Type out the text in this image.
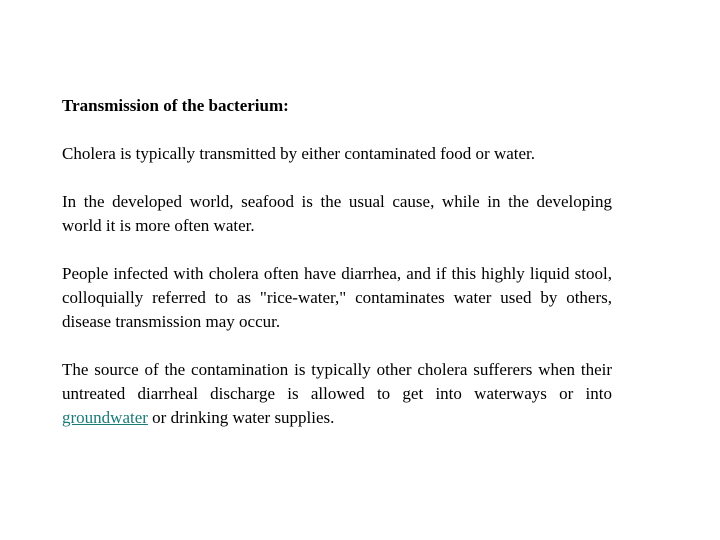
Transmission of the bacterium:

Cholera is typically transmitted by either contaminated food or water.

In the developed world, seafood is the usual cause, while in the developing world it is more often water.

People infected with cholera often have diarrhea, and if this highly liquid stool, colloquially referred to as "rice-water," contaminates water used by others, disease transmission may occur.

The source of the contamination is typically other cholera sufferers when their untreated diarrheal discharge is allowed to get into waterways or into groundwater or drinking water supplies.
